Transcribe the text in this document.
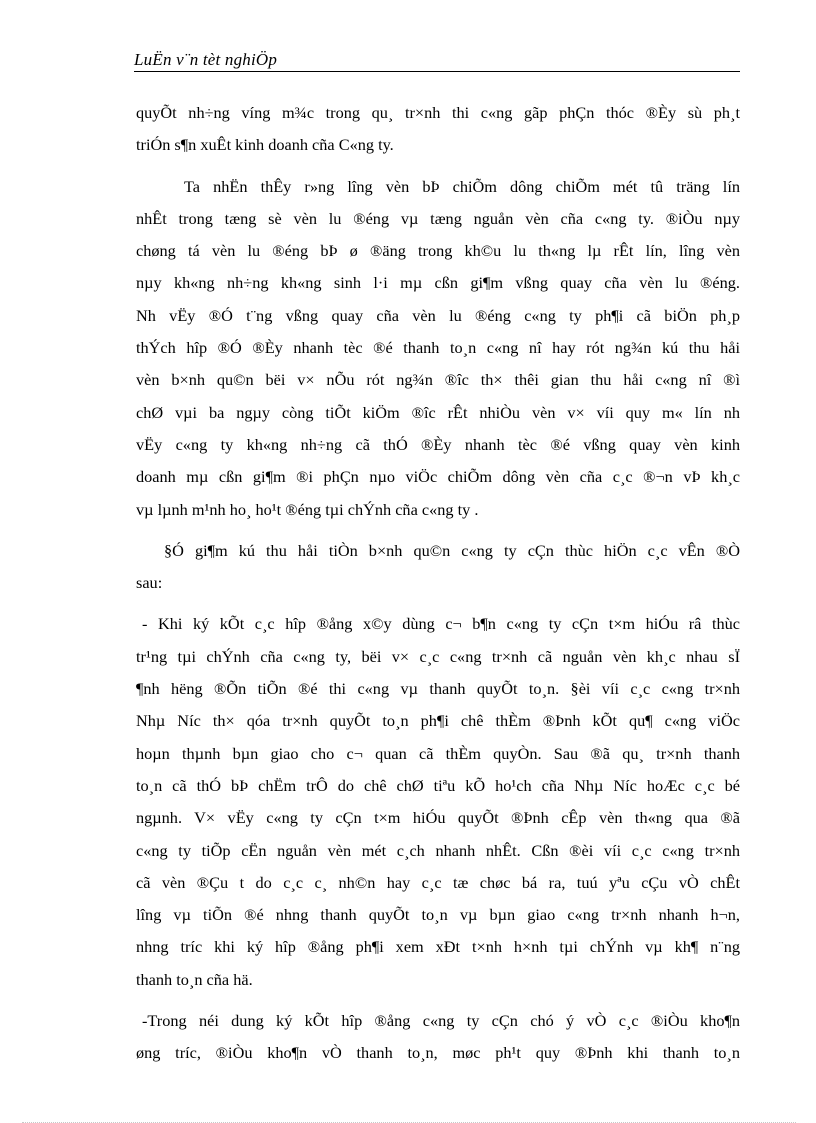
LuËn v¨n tèt nghiÖp
quyÕt nh÷ng víng m¾c trong qu¸ tr×nh thi c«ng gãp phÇn thóc ®Èy sù ph¸t
triÓn s¶n xuÊt kinh doanh cña C«ng ty.
Ta nhËn thÊy r»ng lîng vèn bÞ chiÕm dông chiÕm mét tû träng lín
nhÊt trong tæng sè vèn lu ®éng vµ tæng nguån vèn cña c«ng ty. ®iÒu nµy
chøng tá vèn lu ®éng bÞ ø ®äng trong kh©u lu th«ng lµ rÊt lín, lîng vèn
nµy kh«ng nh÷ng kh«ng sinh l·i mµ cßn gi¶m vßng quay cña vèn lu ®éng.
Nh vËy ®Ó t¨ng vßng quay cña vèn lu ®éng c«ng ty ph¶i cã biÖn ph¸p
thÝch hîp ®Ó ®Èy nhanh tèc ®é thanh to¸n c«ng nî hay rót ng¾n kú thu håi
vèn b×nh qu©n bëi v× nÕu rót ng¾n ®îc th× thêi gian thu håi c«ng nî ®ì
chØ vµi ba ngµy còng tiÕt kiÖm ®îc rÊt nhiÒu vèn v× víi quy m« lín nh
vËy c«ng ty kh«ng nh÷ng cã thÓ ®Èy nhanh tèc ®é vßng quay vèn kinh
doanh mµ cßn gi¶m ®i phÇn nµo viÖc chiÕm dông vèn cña c¸c ®¬n vÞ kh¸c
vµ lµnh m¹nh ho¸ ho¹t ®éng tµi chÝnh cña c«ng ty .
§Ó gi¶m kú thu håi tiÒn b×nh qu©n c«ng ty cÇn thùc hiÖn c¸c vÊn ®Ò
sau:
- Khi ký kÕt c¸c hîp ®ång x©y dùng c¬ b¶n c«ng ty cÇn t×m hiÓu râ thùc
tr¹ng tµi chÝnh cña c«ng ty, bëi v× c¸c c«ng tr×nh cã nguån vèn kh¸c nhau sÏ
¶nh hëng ®Õn tiÕn ®é thi c«ng vµ thanh quyÕt to¸n. §èi víi c¸c c«ng tr×nh
Nhµ Níc th× qóa tr×nh quyÕt to¸n ph¶i chê thÈm ®Þnh kÕt qu¶ c«ng viÖc
hoµn thµnh bµn giao cho c¬ quan cã thÈm quyÒn. Sau ®ã qu¸ tr×nh thanh
to¸n cã thÓ bÞ chËm trÔ do chê chØ tiªu kÕ ho¹ch cña Nhµ Níc hoÆc c¸c bé
ngµnh. V× vËy c«ng ty cÇn t×m hiÓu quyÕt ®Þnh cÊp vèn th«ng qua ®ã
c«ng ty tiÕp cËn nguån vèn mét c¸ch nhanh nhÊt. Cßn ®èi víi c¸c c«ng tr×nh
cã vèn ®Çu t do c¸c c¸ nh©n hay c¸c tæ chøc bá ra, tuú yªu cÇu vÒ chÊt
lîng vµ tiÕn ®é nhng thanh quyÕt to¸n vµ bµn giao c«ng tr×nh nhanh h¬n,
nhng tríc khi ký hîp ®ång ph¶i xem xÐt t×nh h×nh tµi chÝnh vµ kh¶ n¨ng
thanh to¸n cña hä.
-Trong néi dung ký kÕt hîp ®ång c«ng ty cÇn chó ý vÒ c¸c ®iÒu kho¶n
øng tríc, ®iÒu kho¶n vÒ thanh to¸n, møc ph¹t quy ®Þnh khi thanh to¸n
